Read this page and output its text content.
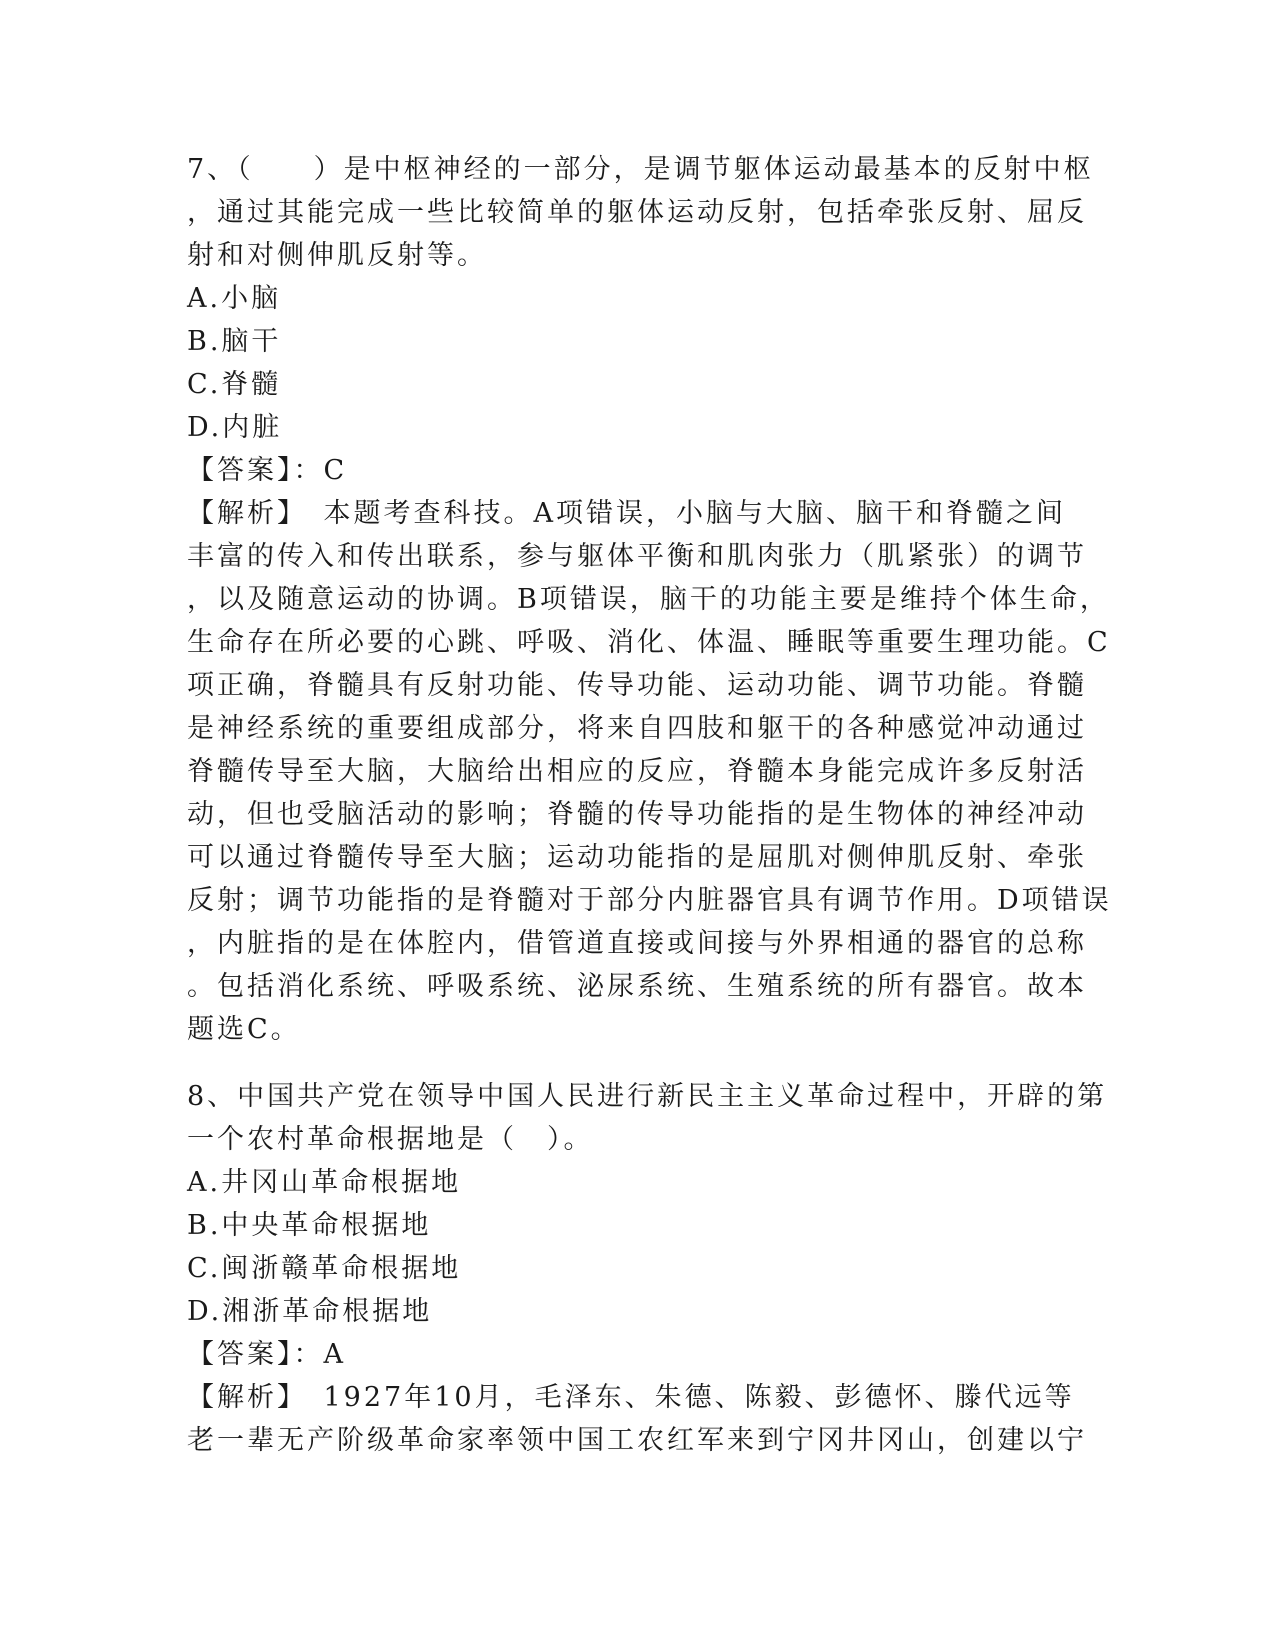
7、（　　）是中枢神经的一部分，是调节躯体运动最基本的反射中枢
，通过其能完成一些比较简单的躯体运动反射，包括牵张反射、屈反
射和对侧伸肌反射等。
A.小脑
B.脑干
C.脊髓
D.内脏
【答案】：C
【解析】　本题考查科技。A项错误，小脑与大脑、脑干和脊髓之间
丰富的传入和传出联系，参与躯体平衡和肌肉张力（肌紧张）的调节
，以及随意运动的协调。B项错误，脑干的功能主要是维持个体生命，
生命存在所必要的心跳、呼吸、消化、体温、睡眠等重要生理功能。C
项正确，脊髓具有反射功能、传导功能、运动功能、调节功能。脊髓
是神经系统的重要组成部分，将来自四肢和躯干的各种感觉冲动通过
脊髓传导至大脑，大脑给出相应的反应，脊髓本身能完成许多反射活
动，但也受脑活动的影响；脊髓的传导功能指的是生物体的神经冲动
可以通过脊髓传导至大脑；运动功能指的是屈肌对侧伸肌反射、牵张
反射；调节功能指的是脊髓对于部分内脏器官具有调节作用。D项错误
，内脏指的是在体腔内，借管道直接或间接与外界相通的器官的总称
。包括消化系统、呼吸系统、泌尿系统、生殖系统的所有器官。故本
题选C。
8、中国共产党在领导中国人民进行新民主主义革命过程中，开辟的第
一个农村革命根据地是（　）。
A.井冈山革命根据地
B.中央革命根据地
C.闽浙赣革命根据地
D.湘浙革命根据地
【答案】：A
【解析】　1927年10月，毛泽东、朱德、陈毅、彭德怀、滕代远等
老一辈无产阶级革命家率领中国工农红军来到宁冈井冈山，创建以宁
